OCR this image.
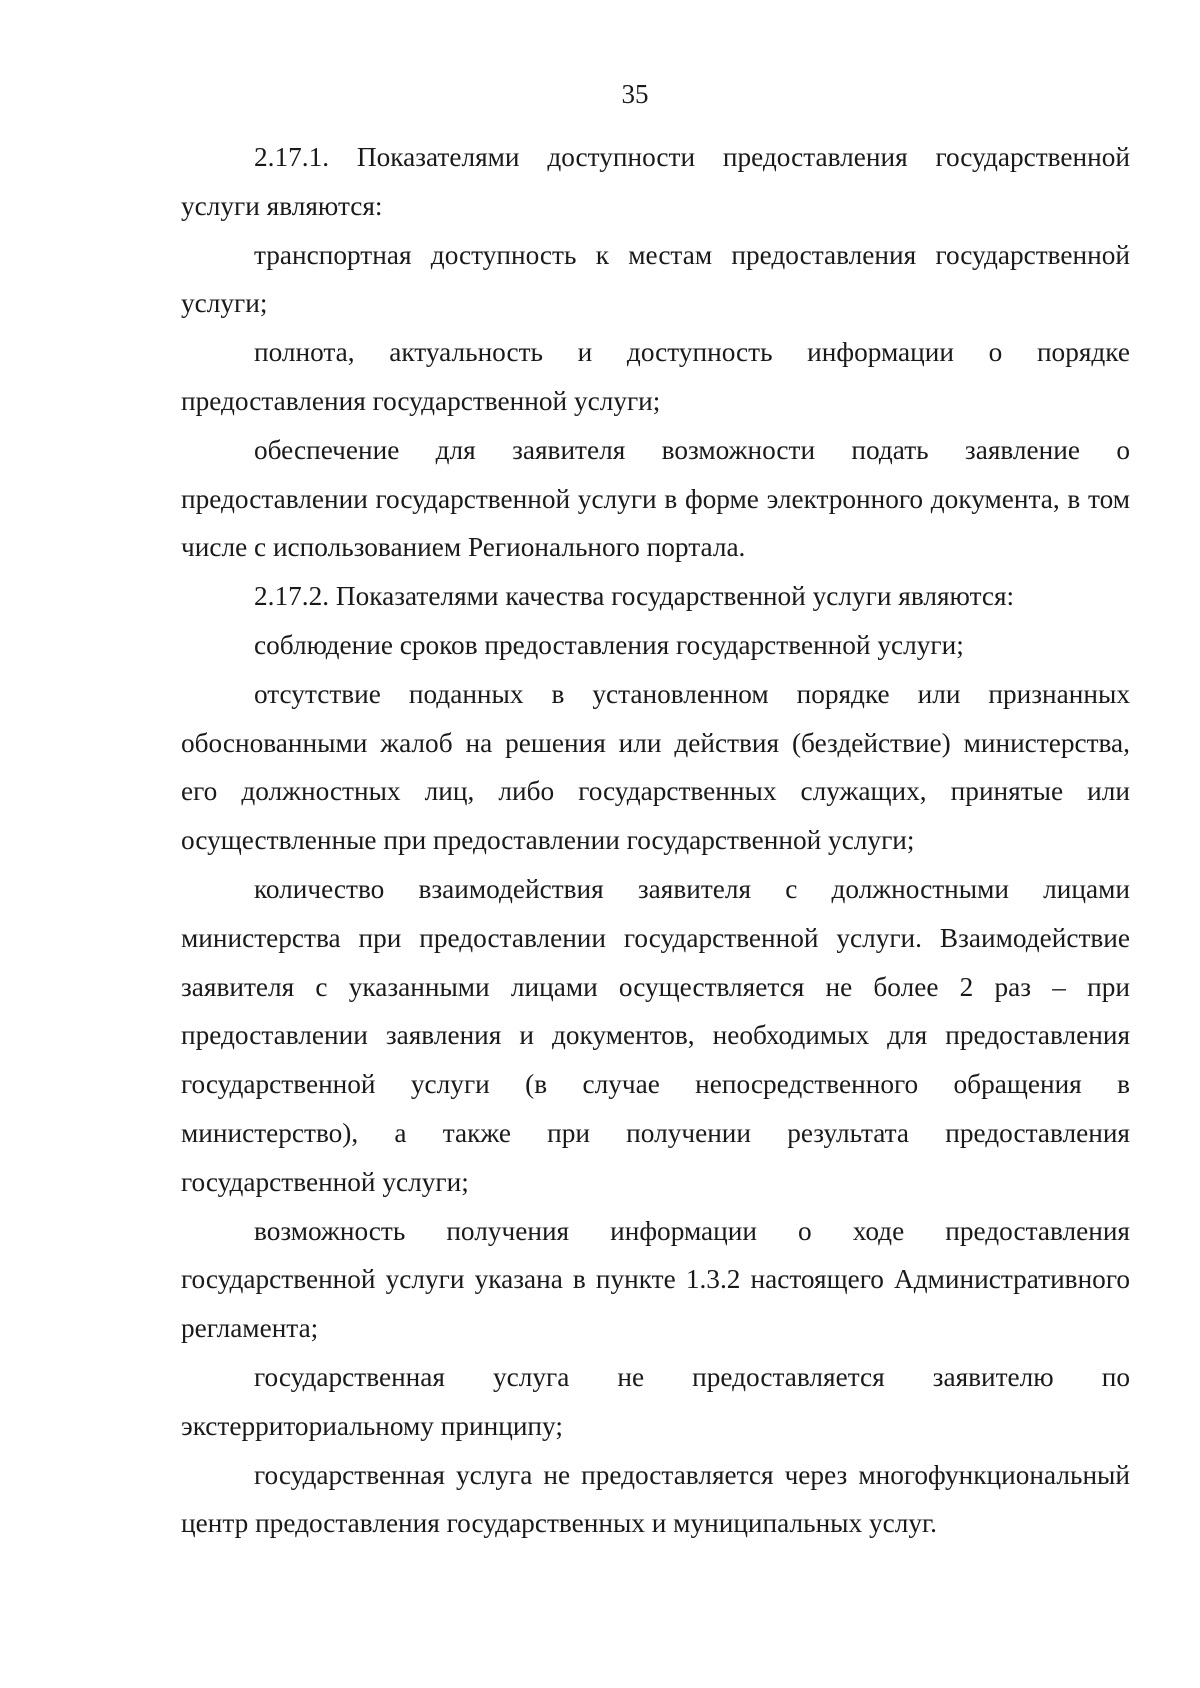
35

2.17.1. Показателями доступности предоставления государственной услуги являются:

транспортная доступность к местам предоставления государственной услуги;

полнота, актуальность и доступность информации о порядке предоставления государственной услуги;

обеспечение для заявителя возможности подать заявление о предоставлении государственной услуги в форме электронного документа, в том числе с использованием Регионального портала.

2.17.2. Показателями качества государственной услуги являются:

соблюдение сроков предоставления государственной услуги;

отсутствие поданных в установленном порядке или признанных обоснованными жалоб на решения или действия (бездействие) министерства, его должностных лиц, либо государственных служащих, принятые или осуществленные при предоставлении государственной услуги;

количество взаимодействия заявителя с должностными лицами министерства при предоставлении государственной услуги. Взаимодействие заявителя с указанными лицами осуществляется не более 2 раз – при предоставлении заявления и документов, необходимых для предоставления государственной услуги (в случае непосредственного обращения в министерство), а также при получении результата предоставления государственной услуги;

возможность получения информации о ходе предоставления государственной услуги указана в пункте 1.3.2 настоящего Административного регламента;

государственная услуга не предоставляется заявителю по экстерриториальному принципу;

государственная услуга не предоставляется через многофункциональный центр предоставления государственных и муниципальных услуг.
